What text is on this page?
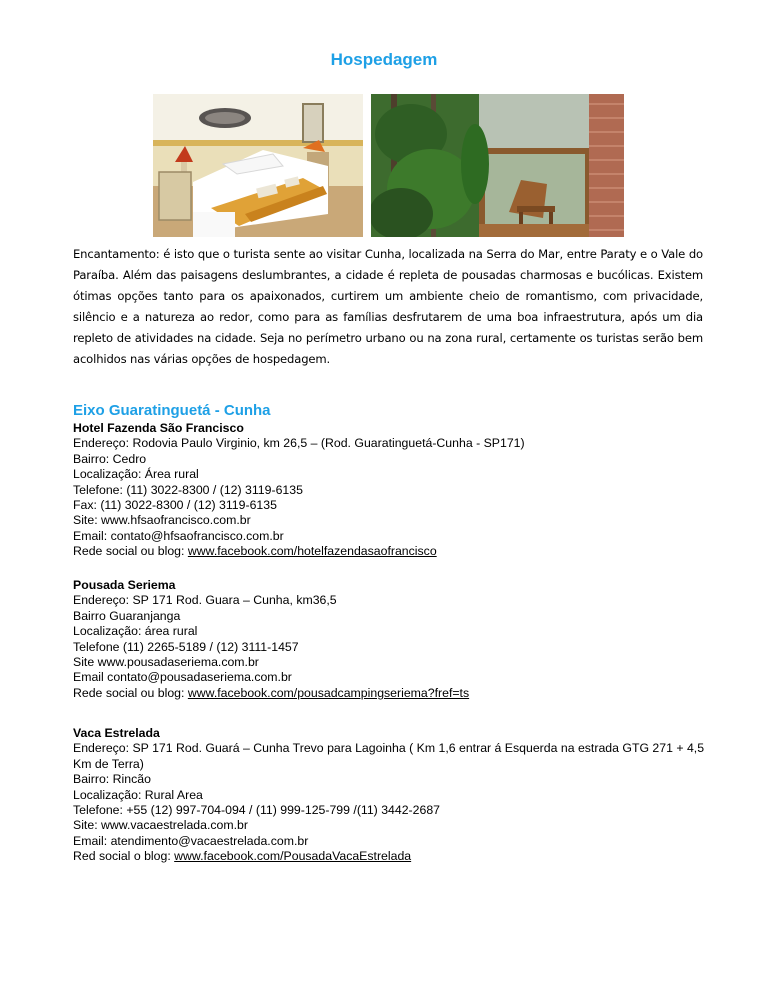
Hospedagem
Encantamento: é isto que o turista sente ao visitar Cunha, localizada na Serra do Mar, entre Paraty e o Vale do Paraíba. Além das paisagens deslumbrantes, a cidade é repleta de pousadas charmosas e bucólicas. Existem ótimas opções tanto para os apaixonados, curtirem um ambiente cheio de romantismo, com privacidade, silêncio e a natureza ao redor, como para as famílias desfrutarem de uma boa infraestrutura, após um dia repleto de atividades na cidade. Seja no perímetro urbano ou na zona rural, certamente os turistas serão bem acolhidos nas várias opções de hospedagem.
Eixo Guaratinguetá - Cunha
Hotel Fazenda São Francisco
Endereço: Rodovia Paulo Virginio, km 26,5 – (Rod. Guaratinguetá-Cunha - SP171)
Bairro: Cedro
Localização: Área rural
Telefone: (11) 3022-8300 / (12) 3119-6135
Fax: (11) 3022-8300 / (12) 3119-6135
Site: www.hfsaofrancisco.com.br
Email: contato@hfsaofrancisco.com.br
Rede social ou blog: www.facebook.com/hotelfazendasaofrancisco
Pousada Seriema
Endereço: SP 171 Rod. Guara – Cunha, km36,5
Bairro Guaranjanga
Localização: área rural
Telefone (11) 2265-5189 / (12) 3111-1457
Site www.pousadaseriema.com.br
Email contato@pousadaseriema.com.br
Rede social ou blog: www.facebook.com/pousadcampingseriema?fref=ts
Vaca Estrelada
Endereço: SP 171 Rod. Guará – Cunha Trevo para Lagoinha ( Km 1,6 entrar á Esquerda na estrada GTG 271 + 4,5 Km de Terra)
Bairro: Rincão
Localização: Rural Area
Telefone: +55 (12) 997-704-094 / (11) 999-125-799 /(11) 3442-2687
Site: www.vacaestrelada.com.br
Email: atendimento@vacaestrelada.com.br
Red social o blog: www.facebook.com/PousadaVacaEstrelada
